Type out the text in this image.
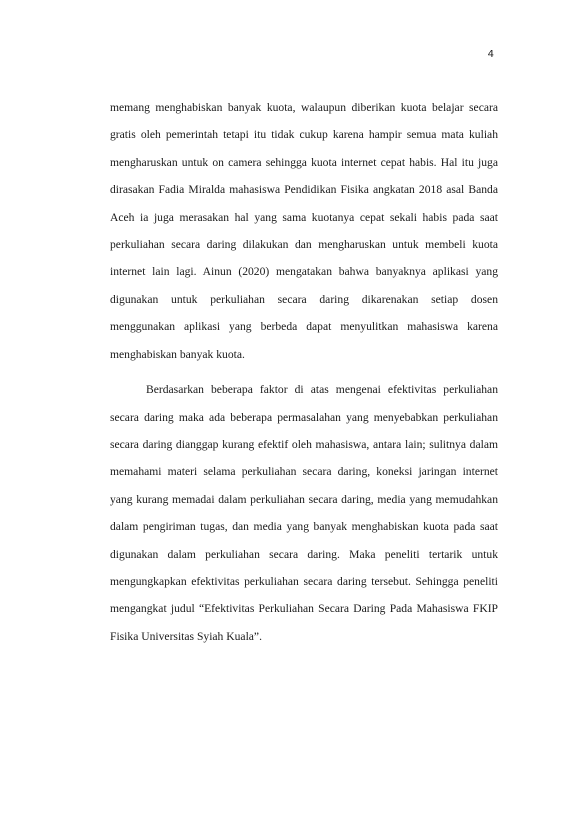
4
memang menghabiskan banyak kuota, walaupun diberikan kuota belajar secara
gratis oleh pemerintah tetapi itu tidak cukup karena hampir semua mata kuliah
mengharuskan untuk on camera sehingga kuota internet cepat habis. Hal itu juga
dirasakan Fadia Miralda mahasiswa Pendidikan Fisika angkatan 2018 asal Banda
Aceh ia juga merasakan hal yang sama kuotanya cepat sekali habis pada saat
perkuliahan secara daring dilakukan dan mengharuskan untuk membeli kuota
internet lain lagi. Ainun (2020) mengatakan bahwa banyaknya aplikasi yang
digunakan untuk perkuliahan secara daring dikarenakan setiap dosen
menggunakan aplikasi yang berbeda dapat menyulitkan mahasiswa karena
menghabiskan banyak kuota.
Berdasarkan beberapa faktor di atas mengenai efektivitas perkuliahan
secara daring maka ada beberapa permasalahan yang menyebabkan perkuliahan
secara daring dianggap kurang efektif oleh mahasiswa, antara lain; sulitnya dalam
memahami materi selama perkuliahan secara daring, koneksi jaringan internet
yang kurang memadai dalam perkuliahan secara daring, media yang memudahkan
dalam pengiriman tugas, dan media yang banyak menghabiskan kuota pada saat
digunakan dalam perkuliahan secara daring. Maka peneliti tertarik untuk
mengungkapkan efektivitas perkuliahan secara daring tersebut. Sehingga peneliti
mengangkat judul “Efektivitas Perkuliahan Secara Daring Pada Mahasiswa FKIP
Fisika Universitas Syiah Kuala”.
